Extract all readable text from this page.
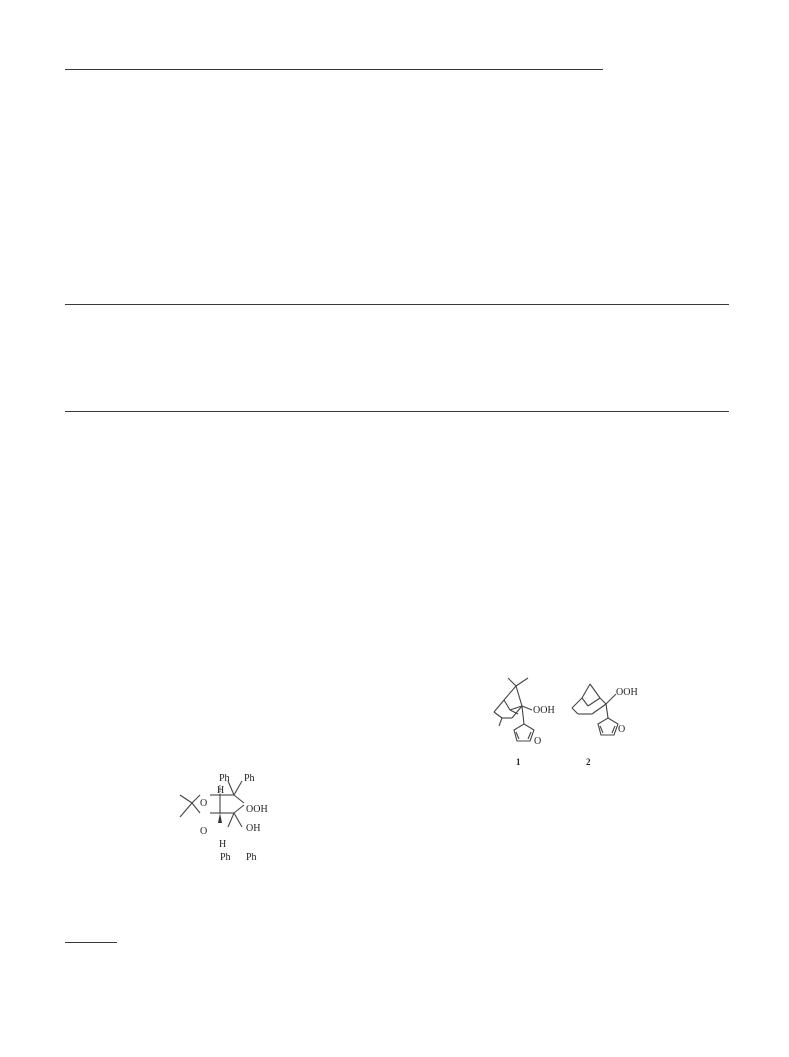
OOH
O
1
OOH
O
2
Ph Ph
H
O
OOH
O	OH
H
Ph Ph
